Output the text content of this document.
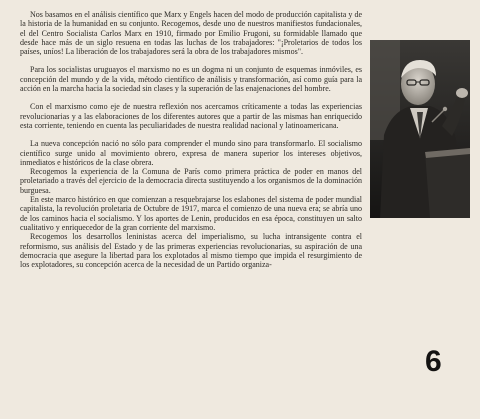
Nos basamos en el análisis científico que Marx y Engels hacen del modo de producción capitalista y de la historia de la humanidad en su conjunto. Recogemos, desde uno de nuestros manifiestos fundacionales, el del Centro Socialista Carlos Marx en 1910, firmado por Emilio Frugoni, su formidable llamado que desde hace más de un siglo resuena en todas las luchas de los trabajadores: "¡Proletarios de todos los países, uníos! La liberación de los trabajadores será la obra de los trabajadores mismos".

Para los socialistas uruguayos el marxismo no es un dogma ni un conjunto de esquemas inmóviles, es concepción del mundo y de la vida, método científico de análisis y transformación, así como guía para la acción en la marcha hacia la sociedad sin clases y la superación de las enajenaciones del hombre.

Con el marxismo como eje de nuestra reflexión nos acercamos críticamente a todas las experiencias revolucionarias y a las elaboraciones de los diferentes autores que a partir de las mismas han enriquecido esta corriente, teniendo en cuenta las peculiaridades de nuestra realidad nacional y latinoamericana.

La nueva concepción nació no sólo para comprender el mundo sino para transformarlo. El socialismo científico surge unido al movimiento obrero, expresa de manera superior los intereses objetivos, inmediatos e históricos de la clase obrera.

Recogemos la experiencia de la Comuna de París como primera práctica de poder en manos del proletariado a través del ejercicio de la democracia directa sustituyendo a los organismos de la dominación burguesa.

En este marco histórico en que comienzan a resquebrajarse los eslabones del sistema de poder mundial capitalista, la revolución proletaria de Octubre de 1917, marca el comienzo de una nueva era; se abría uno de los caminos hacia el socialismo. Y los aportes de Lenin, producidos en esa época, constituyen un salto cualitativo y enriquecedor de la gran corriente del marxismo.

Recogemos los desarrollos leninistas acerca del imperialismo, su lucha intransigente contra el reformismo, sus análisis del Estado y de las primeras experiencias revolucionarias, su aspiración de una democracia que asegure la libertad para los explotados al mismo tiempo que impida el resurgimiento de los explotadores, su concepción acerca de la necesidad de un Partido organiza-

6
